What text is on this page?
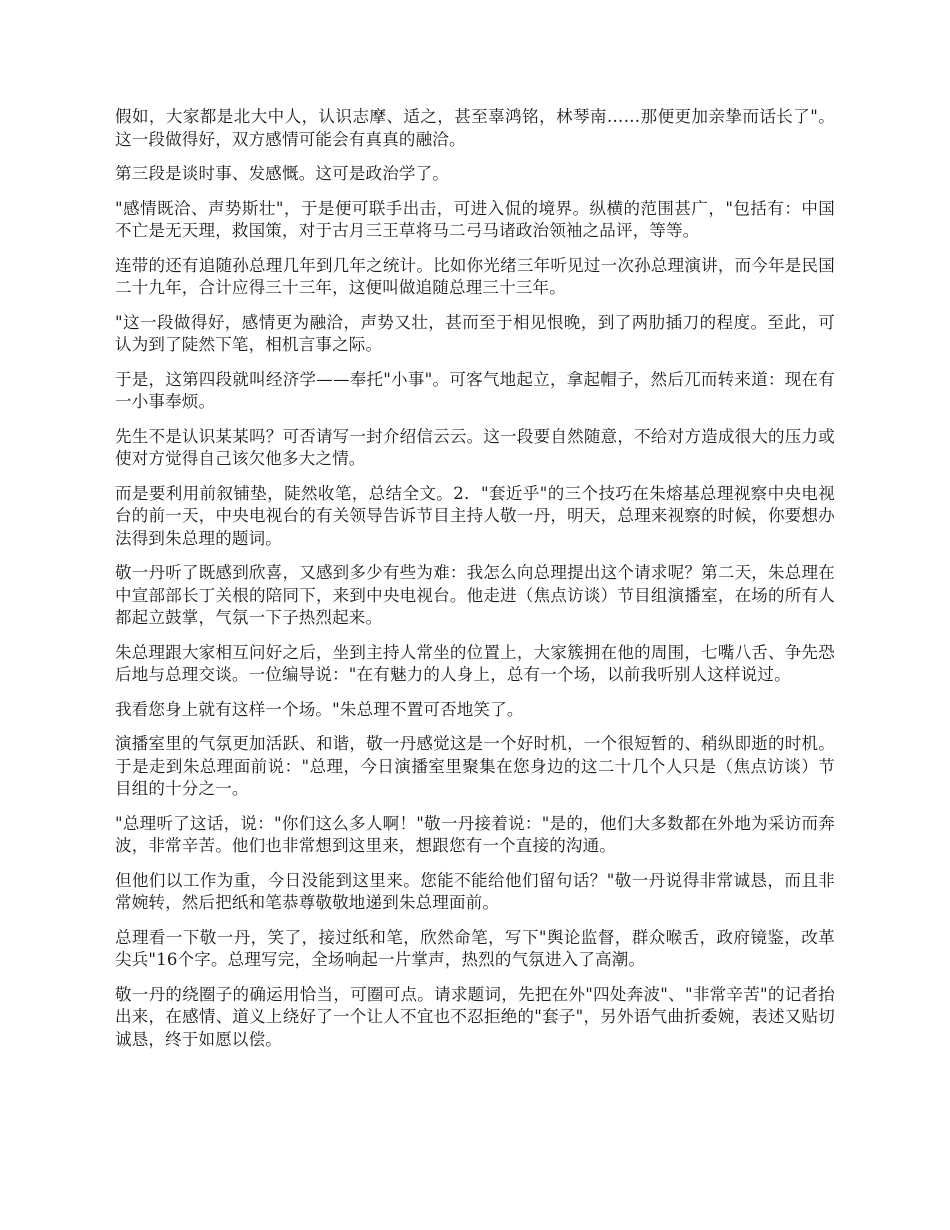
假如，大家都是北大中人，认识志摩、适之，甚至辜鸿铭，林琴南……那便更加亲挚而话长了"。这一段做得好，双方感情可能会有真真的融洽。

第三段是谈时事、发感慨。这可是政治学了。

"感情既洽、声势斯壮"，于是便可联手出击，可进入侃的境界。纵横的范围甚广，"包括有：中国不亡是无天理，救国策，对于古月三王草将马二弓马诸政治领袖之品评，等等。

连带的还有追随孙总理几年到几年之统计。比如你光绪三年听见过一次孙总理演讲，而今年是民国二十九年，合计应得三十三年，这便叫做追随总理三十三年。

"这一段做得好，感情更为融洽，声势又壮，甚而至于相见恨晚，到了两肋插刀的程度。至此，可认为到了陡然下笔，相机言事之际。

于是，这第四段就叫经济学——奉托"小事"。可客气地起立，拿起帽子，然后兀而转来道：现在有一小事奉烦。

先生不是认识某某吗？可否请写一封介绍信云云。这一段要自然随意，不给对方造成很大的压力或使对方觉得自己该欠他多大之情。

而是要利用前叙铺垫，陡然收笔，总结全文。2．"套近乎"的三个技巧在朱熔基总理视察中央电视台的前一天，中央电视台的有关领导告诉节目主持人敬一丹，明天，总理来视察的时候，你要想办法得到朱总理的题词。

敬一丹听了既感到欣喜，又感到多少有些为难：我怎么向总理提出这个请求呢？第二天，朱总理在中宣部部长丁关根的陪同下，来到中央电视台。他走进（焦点访谈）节目组演播室，在场的所有人都起立鼓掌，气氛一下子热烈起来。

朱总理跟大家相互问好之后，坐到主持人常坐的位置上，大家簇拥在他的周围，七嘴八舌、争先恐后地与总理交谈。一位编导说："在有魅力的人身上，总有一个场，以前我听别人这样说过。

我看您身上就有这样一个场。"朱总理不置可否地笑了。

演播室里的气氛更加活跃、和谐，敬一丹感觉这是一个好时机，一个很短暂的、稍纵即逝的时机。于是走到朱总理面前说："总理，今日演播室里聚集在您身边的这二十几个人只是（焦点访谈）节目组的十分之一。

"总理听了这话，说："你们这么多人啊！"敬一丹接着说："是的，他们大多数都在外地为采访而奔波，非常辛苦。他们也非常想到这里来，想跟您有一个直接的沟通。

但他们以工作为重，今日没能到这里来。您能不能给他们留句话？"敬一丹说得非常诚恳，而且非常婉转，然后把纸和笔恭尊敬敬地递到朱总理面前。

总理看一下敬一丹，笑了，接过纸和笔，欣然命笔，写下"舆论监督，群众喉舌，政府镜鉴，改革尖兵"16个字。总理写完，全场响起一片掌声，热烈的气氛进入了高潮。

敬一丹的绕圈子的确运用恰当，可圈可点。请求题词，先把在外"四处奔波"、"非常辛苦"的记者抬出来，在感情、道义上绕好了一个让人不宜也不忍拒绝的"套子"，另外语气曲折委婉，表述又贴切诚恳，终于如愿以偿。
